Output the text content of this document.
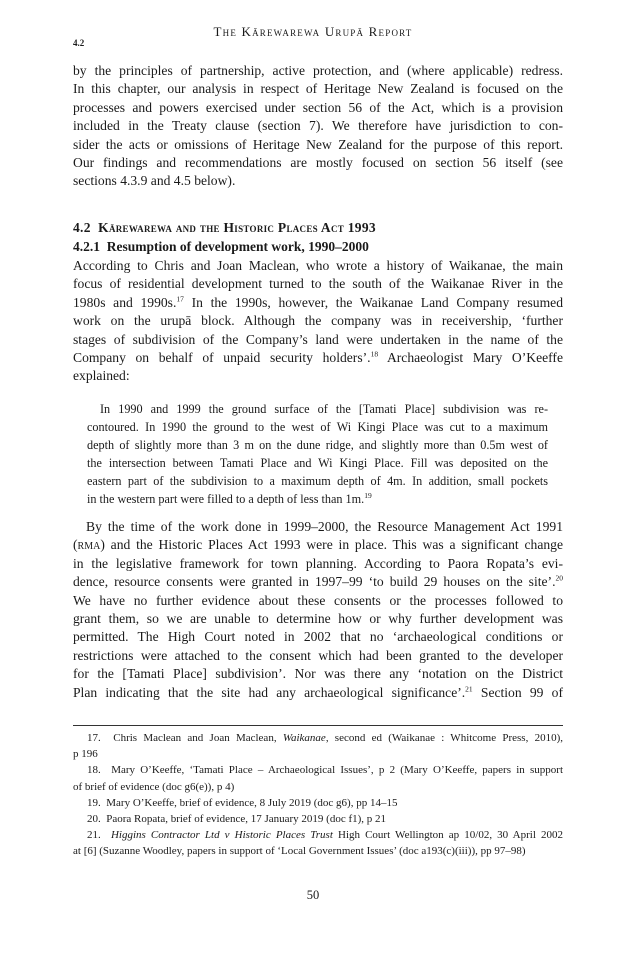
The Kārewarewa Urupā Report
4.2
by the principles of partnership, active protection, and (where applicable) redress.
In this chapter, our analysis in respect of Heritage New Zealand is focused on the
processes and powers exercised under section 56 of the Act, which is a provision
included in the Treaty clause (section 7). We therefore have jurisdiction to con-
sider the acts or omissions of Heritage New Zealand for the purpose of this report.
Our findings and recommendations are mostly focused on section 56 itself (see
sections 4.3.9 and 4.5 below).
4.2 Kārewarewa and the Historic Places Act 1993
4.2.1 Resumption of development work, 1990–2000
According to Chris and Joan Maclean, who wrote a history of Waikanae, the main
focus of residential development turned to the south of the Waikanae River in the
1980s and 1990s.$^{17}$ In the 1990s, however, the Waikanae Land Company resumed
work on the urupā block. Although the company was in receivership, ‘further
stages of subdivision of the Company’s land were undertaken in the name of the
Company on behalf of unpaid security holders’.$^{18}$ Archaeologist Mary O’Keeffe
explained:
In 1990 and 1999 the ground surface of the [Tamati Place] subdivision was re-
contoured. In 1990 the ground to the west of Wi Kingi Place was cut to a maximum
depth of slightly more than 3 m on the dune ridge, and slightly more than 0.5m west of
the intersection between Tamati Place and Wi Kingi Place. Fill was deposited on the
eastern part of the subdivision to a maximum depth of 4m. In addition, small pockets
in the western part were filled to a depth of less than 1m.$^{19}$
By the time of the work done in 1999–2000, the Resource Management Act 1991
(rma) and the Historic Places Act 1993 were in place. This was a significant change
in the legislative framework for town planning. According to Paora Ropata’s evi-
dence, resource consents were granted in 1997–99 ‘to build 29 houses on the site’.$^{20}$
We have no further evidence about these consents or the processes followed to
grant them, so we are unable to determine how or why further development was
permitted. The High Court noted in 2002 that no ‘archaeological conditions or
restrictions were attached to the consent which had been granted to the developer
for the [Tamati Place] subdivision’. Nor was there any ‘notation on the District
Plan indicating that the site had any archaeological significance’.$^{21}$ Section 99 of

17. Chris Maclean and Joan Maclean, Waikanae, second ed (Waikanae : Whitcome Press, 2010),
p 196

18. Mary O’Keeffe, ‘Tamati Place – Archaeological Issues’, p 2 (Mary O’Keeffe, papers in support
of brief of evidence (doc g6(e)), p 4)

19. Mary O’Keeffe, brief of evidence, 8 July 2019 (doc g6), pp 14–15

20. Paora Ropata, brief of evidence, 17 January 2019 (doc f1), p 21

21. Higgins Contractor Ltd v Historic Places Trust High Court Wellington ap 10/02, 30 April 2002
at [6] (Suzanne Woodley, papers in support of ‘Local Government Issues’ (doc a193(c)(iii)), pp 97–98)

50
